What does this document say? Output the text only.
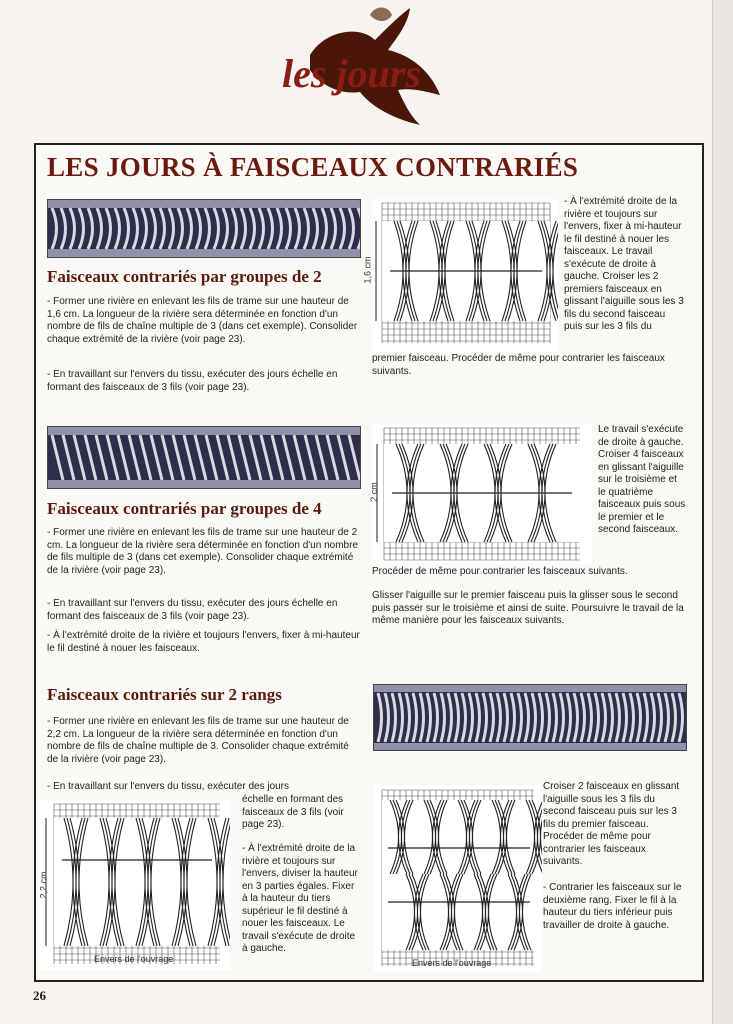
les jours
LES JOURS À FAISCEAUX CONTRARIÉS
1,6 cm
Faisceaux contrariés par groupes de 2
- Former une rivière en enlevant les fils de trame sur une hauteur de 1,6 cm. La longueur de la rivière sera déterminée en fonction d'un nombre de fils de chaîne multiple de 3 (dans cet exemple). Consolider chaque extrémité de la rivière (voir page 23).
- En travaillant sur l'envers du tissu, exécuter des jours échelle en formant des faisceaux de 3 fils (voir page 23).
- À l'extrémité droite de la rivière et toujours sur l'envers, fixer à mi-hauteur le fil destiné à nouer les faisceaux. Le travail s'exécute de droite à gauche. Croiser les 2 premiers faisceaux en glissant l'aiguille sous les 3 fils du second faisceau puis sur les 3 fils du
premier faisceau. Procéder de même pour contrarier les faisceaux suivants.
2 cm
Faisceaux contrariés par groupes de 4
- Former une rivière en enlevant les fils de trame sur une hauteur de 2 cm. La longueur de la rivière sera déterminée en fonction d'un nombre de fils multiple de 3 (dans cet exemple). Consolider chaque extrémité de la rivière (voir page 23).
- En travaillant sur l'envers du tissu, exécuter des jours échelle en formant des faisceaux de 3 fils (voir page 23).
- À l'extrémité droite de la rivière et toujours l'envers, fixer à mi-hauteur le fil destiné à nouer les faisceaux.
Le travail s'exécute de droite à gauche. Croiser 4 faisceaux en glissant l'aiguille sur le troisième et le quatrième faisceaux puis sous le premier et le second faisceaux.
Procéder de même pour contrarier les faisceaux suivants.
Glisser l'aiguille sur le premier faisceau puis la glisser sous le second puis passer sur le troisième et ainsi de suite. Poursuivre le travail de la même manière pour les faisceaux suivants.
Faisceaux contrariés sur 2 rangs
- Former une rivière en enlevant les fils de trame sur une hauteur de 2,2 cm. La longueur de la rivière sera déterminée en fonction d'un nombre de fils de chaîne multiple de 3. Consolider chaque extrémité de la rivière (voir page 23).
- En travaillant sur l'envers du tissu, exécuter des jours
échelle en formant des faisceaux de 3 fils (voir page 23).
- À l'extrémité droite de la rivière et toujours sur l'envers, diviser la hauteur en 3 parties égales. Fixer à la hauteur du tiers supérieur le fil destiné à nouer les faisceaux. Le travail s'exécute de droite à gauche.
2,2 cm
Envers de l'ouvrage	Envers de l'ouvrage
Croiser 2 faisceaux en glissant l'aiguille sous les 3 fils du second faisceau puis sur les 3 fils du premier faisceau. Procéder de même pour contrarier les faisceaux suivants.
- Contrarier les faisceaux sur le deuxième rang. Fixer le fil à la hauteur du tiers inférieur puis travailler de droite à gauche.
26
